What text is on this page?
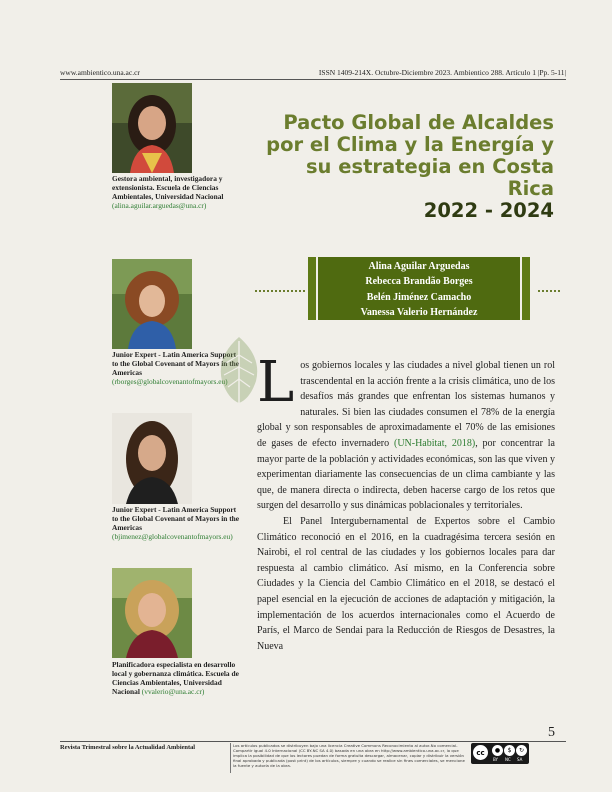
www.ambientico.una.ac.cr	ISSN 1409-214X. Octubre-Diciembre 2023. Ambientico 288. Artículo 1 |Pp. 5-11|
Gestora ambiental, investigadora y extensionista. Escuela de Ciencias Ambientales, Universidad Nacional (alina.aguilar.arguedas@una.cr)
Junior Expert - Latin America Support to the Global Covenant of Mayors in the Americas (rborges@globalcovenantofmayors.eu)
Junior Expert - Latin America Support to the Global Covenant of Mayors in the Americas (bjimenez@globalcovenantofmayors.eu)
Planificadora especialista en desarrollo local y gobernanza climática. Escuela de Ciencias Ambientales, Universidad Nacional (vvalerio@una.ac.cr)
Pacto Global de Alcaldes
por el Clima y la Energía y
su estrategia en Costa Rica
2022 - 2024
Alina Aguilar Arguedas
Rebecca Brandão Borges
Belén Jiménez Camacho
Vanessa Valerio Hernández

Los gobiernos locales y las ciudades a nivel global tienen un rol trascendental en la acción frente a la crisis climática, uno de los desafíos más grandes que enfrentan los sistemas humanos y naturales. Si bien las ciudades consumen el 78% de la energía global y son responsables de aproximadamente el 70% de las emisiones de gases de efecto invernadero (UN-Habitat, 2018), por concentrar la mayor parte de la población y actividades económicas, son las que viven y experimentan diariamente las consecuencias de un clima cambiante y las que, de manera directa o indirecta, deben hacerse cargo de los retos que surgen del desarrollo y sus dinámicas poblacionales y territoriales.

El Panel Intergubernamental de Expertos sobre el Cambio Climático reconoció en el 2016, en la cuadragésima tercera sesión en Nairobi, el rol central de las ciudades y los gobiernos locales para dar respuesta al cambio climático. Así mismo, en la Conferencia sobre Ciudades y la Ciencia del Cambio Climático en el 2018, se destacó el papel esencial en la ejecución de acciones de adaptación y mitigación, la implementación de los acuerdos internacionales como el Acuerdo de París, el Marco de Sendai para la Reducción de Riesgos de Desastres, la Nueva

5
Revista Trimestral sobre la Actualidad Ambiental	Los artículos publicados se distribuyen bajo una licencia Creative Commons Reconocimiento al autor-No comercial-Compartir igual 4.0 Internacional (CC BY-NC SA 4.0) basada en una obra en http://www.ambientico.una.ac.cr, lo que implica la posibilidad de que los lectores puedan de forma gratuita descargar, almacenar, copiar y distribuir la versión final aprobada y publicada (post print) de los artículos, siempre y cuando se realice sin fines comerciales, se mencione la fuente y autoría de la obra.
cc	●	$	↻
BY NC SA
